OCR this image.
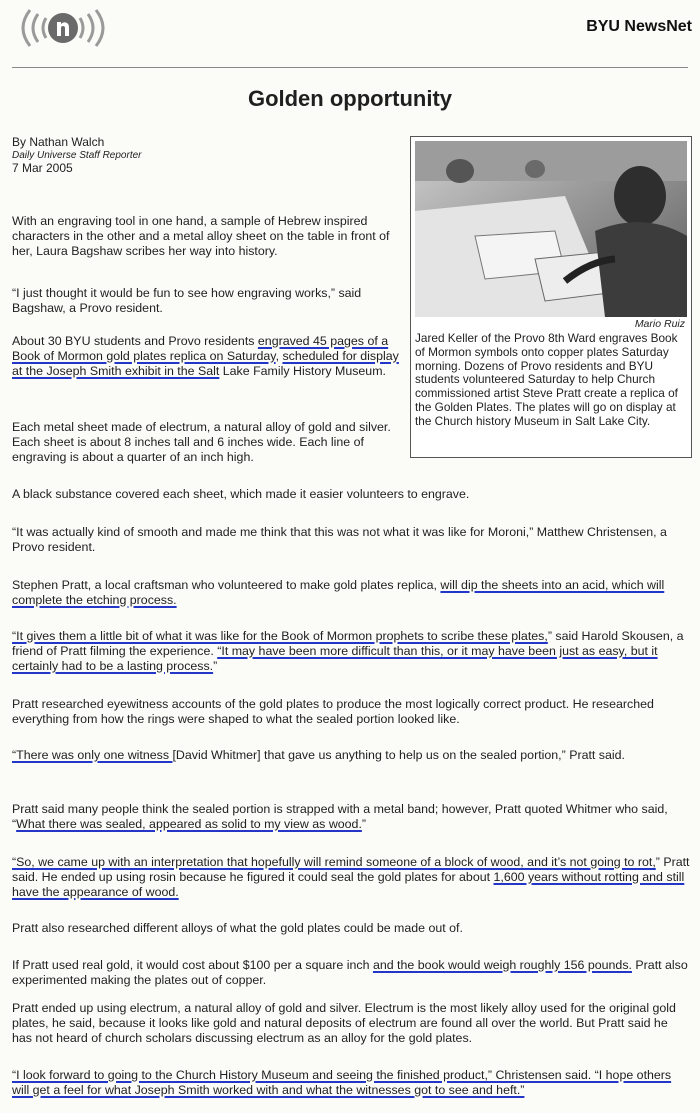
BYU NewsNet
Golden opportunity
By Nathan Walch
Daily Universe Staff Reporter
7 Mar 2005

With an engraving tool in one hand, a sample of Hebrew inspired characters in the other and a metal alloy sheet on the table in front of her, Laura Bagshaw scribes her way into history.

“I just thought it would be fun to see how engraving works,” said Bagshaw, a Provo resident.

About 30 BYU students and Provo residents engraved 45 pages of a Book of Mormon gold plates replica on Saturday, scheduled for display at the Joseph Smith exhibit in the Salt Lake Family History Museum.

Each metal sheet made of electrum, a natural alloy of gold and silver. Each sheet is about 8 inches tall and 6 inches wide. Each line of engraving is about a quarter of an inch high.

Mario Ruiz

Jared Keller of the Provo 8th Ward engraves Book of Mormon symbols onto copper plates Saturday morning. Dozens of Provo residents and BYU students volunteered Saturday to help Church commissioned artist Steve Pratt create a replica of the Golden Plates. The plates will go on display at the Church history Museum in Salt Lake City.

A black substance covered each sheet, which made it easier volunteers to engrave.

“It was actually kind of smooth and made me think that this was not what it was like for Moroni,” Matthew Christensen, a Provo resident.

Stephen Pratt, a local craftsman who volunteered to make gold plates replica, will dip the sheets into an acid, which will complete the etching process.

“It gives them a little bit of what it was like for the Book of Mormon prophets to scribe these plates,” said Harold Skousen, a friend of Pratt filming the experience. “It may have been more difficult than this, or it may have been just as easy, but it certainly had to be a lasting process.”

Pratt researched eyewitness accounts of the gold plates to produce the most logically correct product. He researched everything from how the rings were shaped to what the sealed portion looked like.

“There was only one witness [David Whitmer] that gave us anything to help us on the sealed portion,” Pratt said.

Pratt said many people think the sealed portion is strapped with a metal band; however, Pratt quoted Whitmer who said, “What there was sealed, appeared as solid to my view as wood.”

“So, we came up with an interpretation that hopefully will remind someone of a block of wood, and it’s not going to rot,” Pratt said. He ended up using rosin because he figured it could seal the gold plates for about 1,600 years without rotting and still have the appearance of wood.

Pratt also researched different alloys of what the gold plates could be made out of.

If Pratt used real gold, it would cost about $100 per a square inch and the book would weigh roughly 156 pounds. Pratt also experimented making the plates out of copper.

Pratt ended up using electrum, a natural alloy of gold and silver. Electrum is the most likely alloy used for the original gold plates, he said, because it looks like gold and natural deposits of electrum are found all over the world. But Pratt said he has not heard of church scholars discussing electrum as an alloy for the gold plates.

“I look forward to going to the Church History Museum and seeing the finished product,” Christensen said. “I hope others will get a feel for what Joseph Smith worked with and what the witnesses got to see and heft.”
